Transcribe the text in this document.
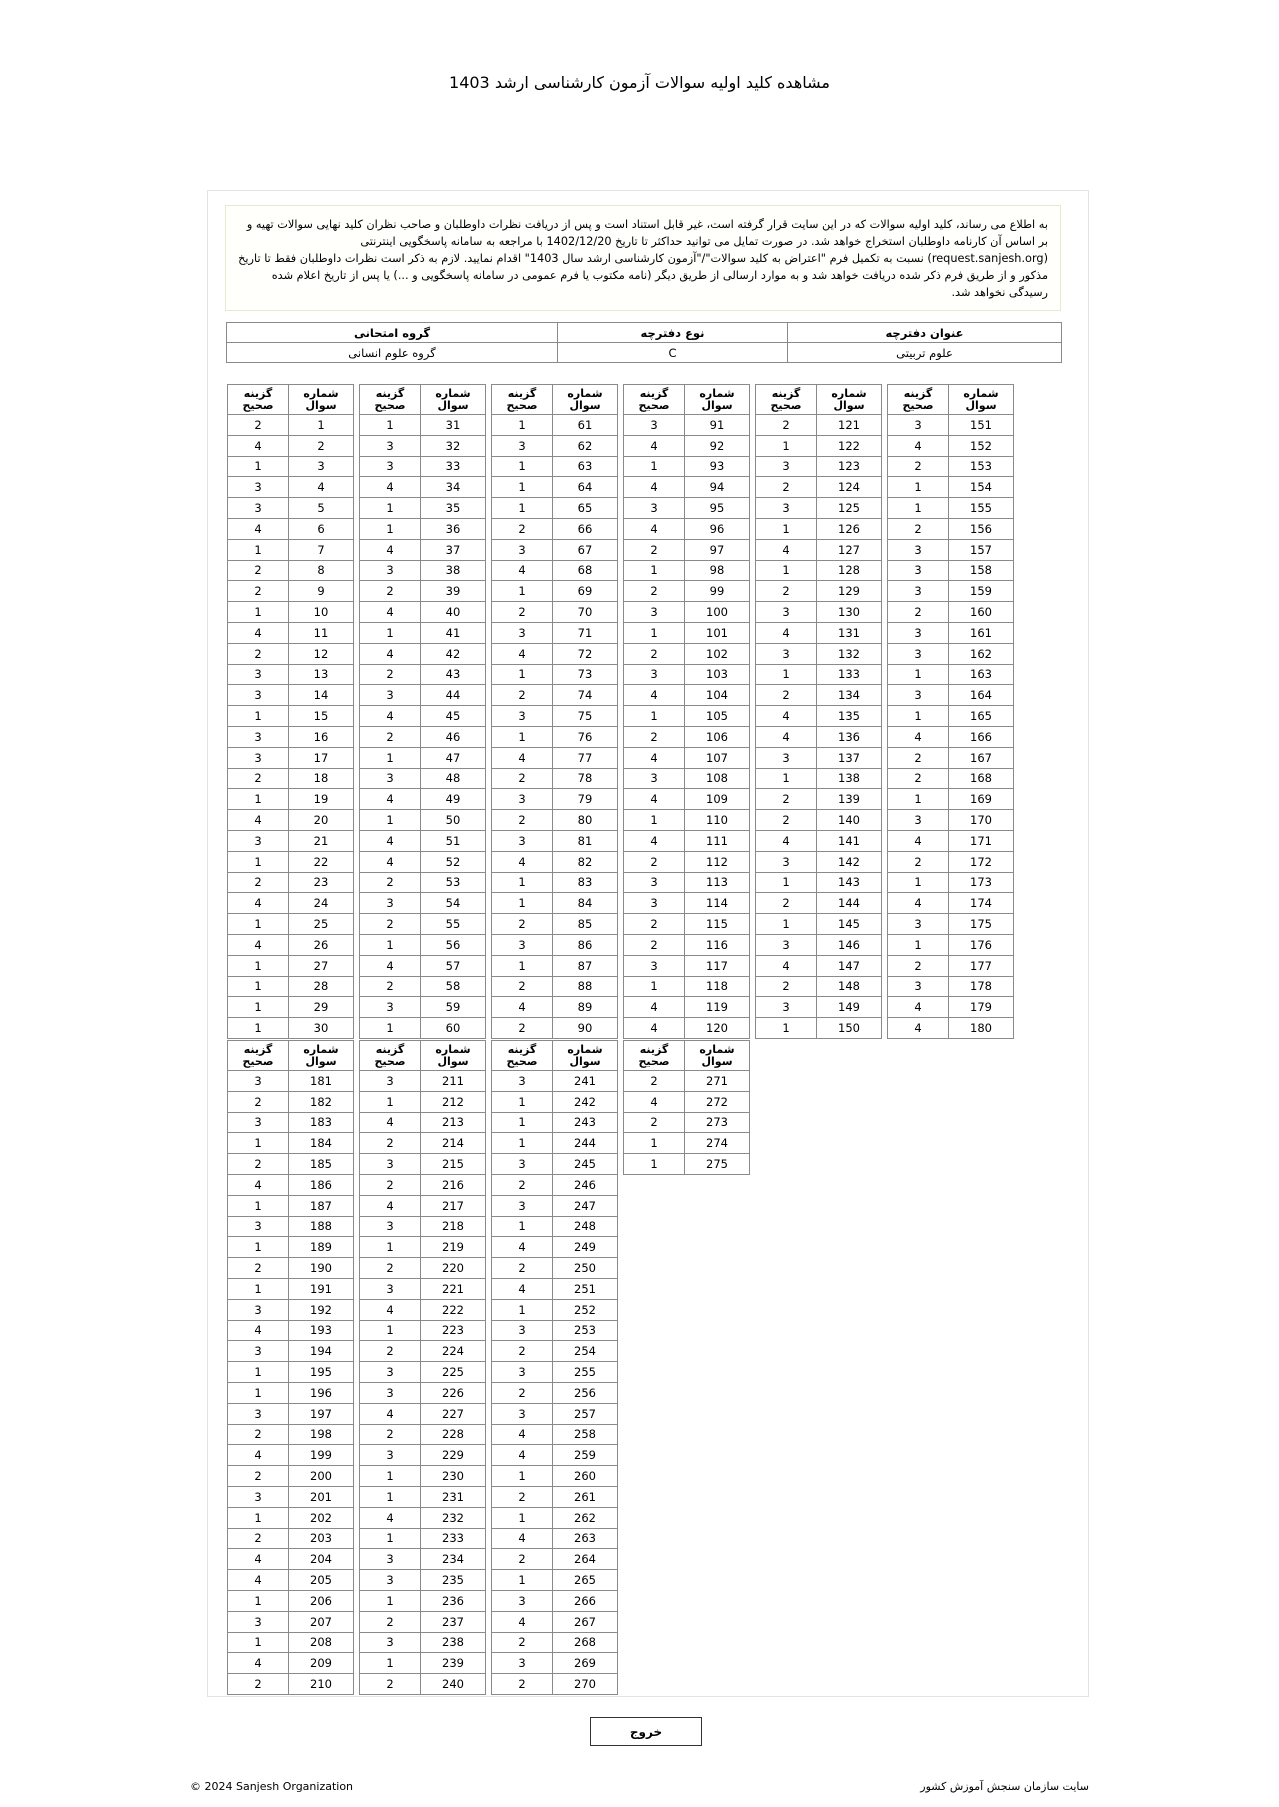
مشاهده کلید اولیه سوالات آزمون کارشناسی ارشد 1403
به اطلاع می رساند، کلید اولیه سوالات که در این سایت قرار گرفته است، غیر قابل استناد است و پس از دریافت نظرات داوطلبان و صاحب نظران کلید نهایی سوالات تهیه و بر اساس آن کارنامه داوطلبان استخراج خواهد شد. در صورت تمایل می توانید حداکثر تا تاریخ 1402/12/20 با مراجعه به سامانه پاسخگویی اینترنتی (request.sanjesh.org) نسبت به تکمیل فرم "اعتراض به کلید سوالات"/"آزمون کارشناسی ارشد سال 1403" اقدام نمایید. لازم به ذکر است نظرات داوطلبان فقط تا تاریخ مذکور و از طریق فرم ذکر شده دریافت خواهد شد و به موارد ارسالی از طریق دیگر (نامه مکتوب یا فرم عمومی در سامانه پاسخگویی و ...) یا پس از تاریخ اعلام شده رسیدگی نخواهد شد.
عنوان دفترچه	نوع دفترچه	گروه امتحانی
علوم تربیتی	C	گروه علوم انسانی
شماره سوال	گزینه صحیح
1	2
2	4
3	1
4	3
5	3
6	4
7	1
8	2
9	2
10	1
11	4
12	2
13	3
14	3
15	1
16	3
17	3
18	2
19	1
20	4
21	3
22	1
23	2
24	4
25	1
26	4
27	1
28	1
29	1
30	1
شماره سوال	گزینه صحیح
31	1
32	3
33	3
34	4
35	1
36	1
37	4
38	3
39	2
40	4
41	1
42	4
43	2
44	3
45	4
46	2
47	1
48	3
49	4
50	1
51	4
52	4
53	2
54	3
55	2
56	1
57	4
58	2
59	3
60	1
شماره سوال	گزینه صحیح
61	1
62	3
63	1
64	1
65	1
66	2
67	3
68	4
69	1
70	2
71	3
72	4
73	1
74	2
75	3
76	1
77	4
78	2
79	3
80	2
81	3
82	4
83	1
84	1
85	2
86	3
87	1
88	2
89	4
90	2
شماره سوال	گزینه صحیح
91	3
92	4
93	1
94	4
95	3
96	4
97	2
98	1
99	2
100	3
101	1
102	2
103	3
104	4
105	1
106	2
107	4
108	3
109	4
110	1
111	4
112	2
113	3
114	3
115	2
116	2
117	3
118	1
119	4
120	4
شماره سوال	گزینه صحیح
121	2
122	1
123	3
124	2
125	3
126	1
127	4
128	1
129	2
130	3
131	4
132	3
133	1
134	2
135	4
136	4
137	3
138	1
139	2
140	2
141	4
142	3
143	1
144	2
145	1
146	3
147	4
148	2
149	3
150	1
شماره سوال	گزینه صحیح
151	3
152	4
153	2
154	1
155	1
156	2
157	3
158	3
159	3
160	2
161	3
162	3
163	1
164	3
165	1
166	4
167	2
168	2
169	1
170	3
171	4
172	2
173	1
174	4
175	3
176	1
177	2
178	3
179	4
180	4
شماره سوال	گزینه صحیح
181	3
182	2
183	3
184	1
185	2
186	4
187	1
188	3
189	1
190	2
191	1
192	3
193	4
194	3
195	1
196	1
197	3
198	2
199	4
200	2
201	3
202	1
203	2
204	4
205	4
206	1
207	3
208	1
209	4
210	2
شماره سوال	گزینه صحیح
211	3
212	1
213	4
214	2
215	3
216	2
217	4
218	3
219	1
220	2
221	3
222	4
223	1
224	2
225	3
226	3
227	4
228	2
229	3
230	1
231	1
232	4
233	1
234	3
235	3
236	1
237	2
238	3
239	1
240	2
شماره سوال	گزینه صحیح
241	3
242	1
243	1
244	1
245	3
246	2
247	3
248	1
249	4
250	2
251	4
252	1
253	3
254	2
255	3
256	2
257	3
258	4
259	4
260	1
261	2
262	1
263	4
264	2
265	1
266	3
267	4
268	2
269	3
270	2
شماره سوال	گزینه صحیح
271	2
272	4
273	2
274	1
275	1
خروج
© 2024 Sanjesh Organization	سایت سازمان سنجش آموزش کشور
